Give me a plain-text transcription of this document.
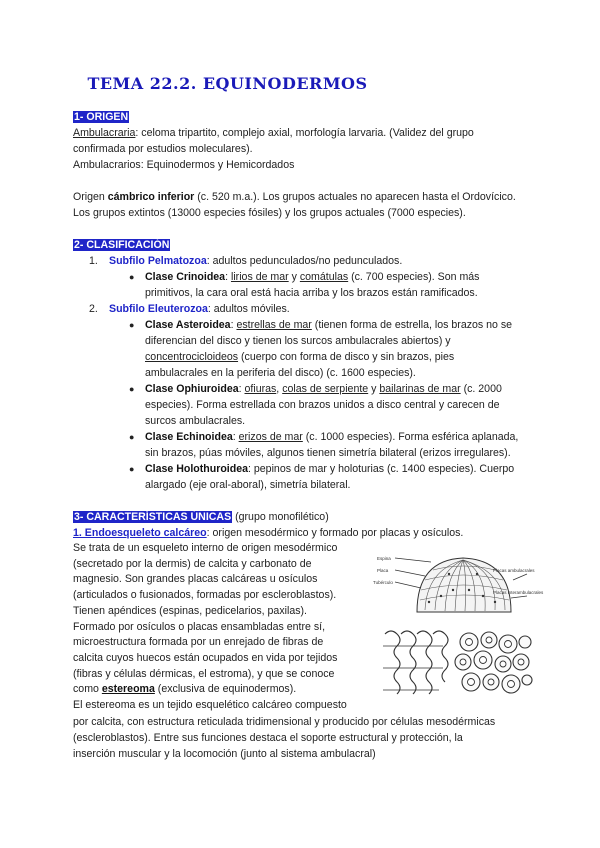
TEMA 22.2. EQUINODERMOS
1- ORIGEN
Ambulacraria: celoma tripartito, complejo axial, morfología larvaria. (Validez del grupo
confirmada por estudios moleculares).
Ambulacrarios: Equinodermos y Hemicordados
Origen cámbrico inferior (c. 520 m.a.). Los grupos actuales no aparecen hasta el Ordovícico.
Los grupos extintos (13000 especies fósiles) y los grupos actuales (7000 especies).
2- CLASIFICACIÓN
1. Subfilo Pelmatozoa: adultos pedunculados/no pedunculados.
● Clase Crinoidea: lirios de mar y comátulas (c. 700 especies). Son más
primitivos, la cara oral está hacia arriba y los brazos están ramificados.
2. Subfilo Eleuterozoa: adultos móviles.
● Clase Asteroidea: estrellas de mar (tienen forma de estrella, los brazos no se
diferencian del disco y tienen los surcos ambulacrales abiertos) y
concentrocicloideos (cuerpo con forma de disco y sin brazos, pies
ambulacrales en la periferia del disco) (c. 1600 especies).
● Clase Ophiuroidea: ofiuras, colas de serpiente y bailarinas de mar (c. 2000
especies). Forma estrellada con brazos unidos a disco central y carecen de
surcos ambulacrales.
● Clase Echinoidea: erizos de mar (c. 1000 especies). Forma esférica aplanada,
sin brazos, púas móviles, algunos tienen simetría bilateral (erizos irregulares).
● Clase Holothuroidea: pepinos de mar y holoturias (c. 1400 especies). Cuerpo
alargado (eje oral-aboral), simetría bilateral.
3- CARACTERÍSTICAS ÚNICAS (grupo monofilético)
1. Endoesqueleto calcáreo: origen mesodérmico y formado por placas y osículos.
Se trata de un esqueleto interno de origen mesodérmico
(secretado por la dermis) de calcita y carbonato de
magnesio. Son grandes placas calcáreas u osículos
(articulados o fusionados, formadas por escleroblastos).
Tienen apéndices (espinas, pedicelarios, paxilas).
Formado por osículos o placas ensambladas entre sí,
microestructura formada por un enrejado de fibras de
calcita cuyos huecos están ocupados en vida por tejidos
(fibras y células dérmicas, el estroma), y que se conoce
como estereoma (exclusiva de equinodermos).
El estereoma es un tejido esquelético calcáreo compuesto
por calcita, con estructura reticulada tridimensional y producido por células mesodérmicas
(escleroblastos). Entre sus funciones destaca el soporte estructural y protección, la
inserción muscular y la locomoción (junto al sistema ambulacral)
Espina
Placa
Tubérculo
Placas ambulacrales
Placas interambulacrales
